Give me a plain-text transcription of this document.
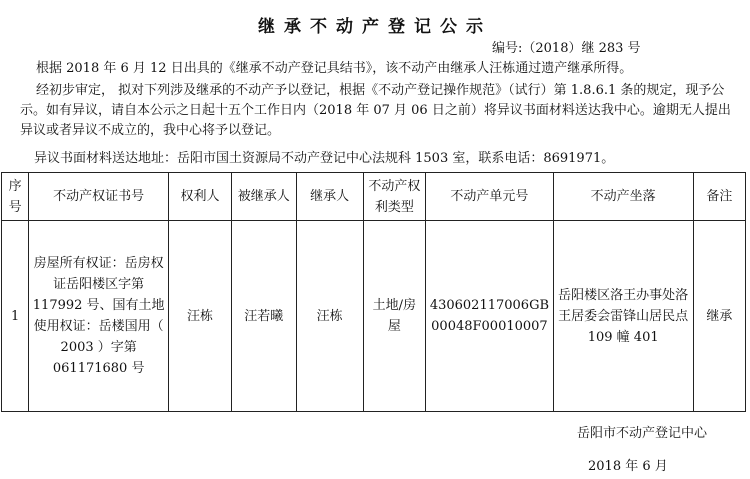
继承不动产登记公示
编号:（2018）继 283 号
根据 2018 年 6 月 12 日出具的《继承不动产登记具结书》，该不动产由继承人汪栋通过遗产继承所得。
经初步审定， 拟对下列涉及继承的不动产予以登记，根据《不动产登记操作规范》（试行）第 1.8.6.1 条的规定，现予公示。如有异议，请自本公示之日起十五个工作日内（2018 年 07 月 06 日之前）将异议书面材料送达我中心。逾期无人提出异议或者异议不成立的，我中心将予以登记。
异议书面材料送达地址：岳阳市国土资源局不动产登记中心法规科 1503 室，联系电话：8691971。
序号	不动产权证书号	权利人	被继承人	继承人	不动产权利类型	不动产单元号	不动产坐落	备注
1	房屋所有权证：岳房权证岳阳楼区字第 117992 号、国有土地使用权证：岳楼国用（ 2003 ）字第 061171680 号	汪栋	汪若曦	汪栋	土地/房屋	430602117006GB00048F00010007	岳阳楼区洛王办事处洛王居委会雷锋山居民点 109 幢 401	继承
岳阳市不动产登记中心
2018 年 6 月
